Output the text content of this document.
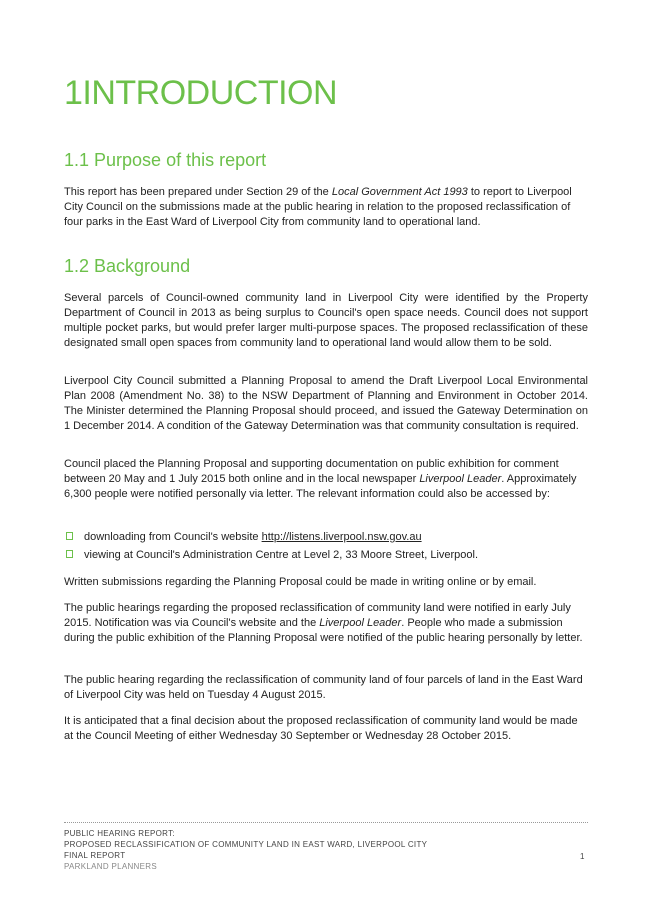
1INTRODUCTION
1.1 Purpose of this report

This report has been prepared under Section 29 of the Local Government Act 1993 to report to Liverpool City Council on the submissions made at the public hearing in relation to the proposed reclassification of four parks in the East Ward of Liverpool City from community land to operational land.

1.2 Background

Several parcels of Council-owned community land in Liverpool City were identified by the Property Department of Council in 2013 as being surplus to Council's open space needs. Council does not support multiple pocket parks, but would prefer larger multi-purpose spaces. The proposed reclassification of these designated small open spaces from community land to operational land would allow them to be sold.

Liverpool City Council submitted a Planning Proposal to amend the Draft Liverpool Local Environmental Plan 2008 (Amendment No. 38) to the NSW Department of Planning and Environment in October 2014. The Minister determined the Planning Proposal should proceed, and issued the Gateway Determination on 1 December 2014. A condition of the Gateway Determination was that community consultation is required.

Council placed the Planning Proposal and supporting documentation on public exhibition for comment between 20 May and 1 July 2015 both online and in the local newspaper Liverpool Leader. Approximately 6,300 people were notified personally via letter. The relevant information could also be accessed by:

downloading from Council's website http://listens.liverpool.nsw.gov.au
viewing at Council's Administration Centre at Level 2, 33 Moore Street, Liverpool.

Written submissions regarding the Planning Proposal could be made in writing online or by email.

The public hearings regarding the proposed reclassification of community land were notified in early July 2015. Notification was via Council's website and the Liverpool Leader. People who made a submission during the public exhibition of the Planning Proposal were notified of the public hearing personally by letter.

The public hearing regarding the reclassification of community land of four parcels of land in the East Ward of Liverpool City was held on Tuesday 4 August 2015.

It is anticipated that a final decision about the proposed reclassification of community land would be made at the Council Meeting of either Wednesday 30 September or Wednesday 28 October 2015.

PUBLIC HEARING REPORT:
PROPOSED RECLASSIFICATION OF COMMUNITY LAND IN EAST WARD, LIVERPOOL CITY
FINAL REPORT
PARKLAND PLANNERS
1
